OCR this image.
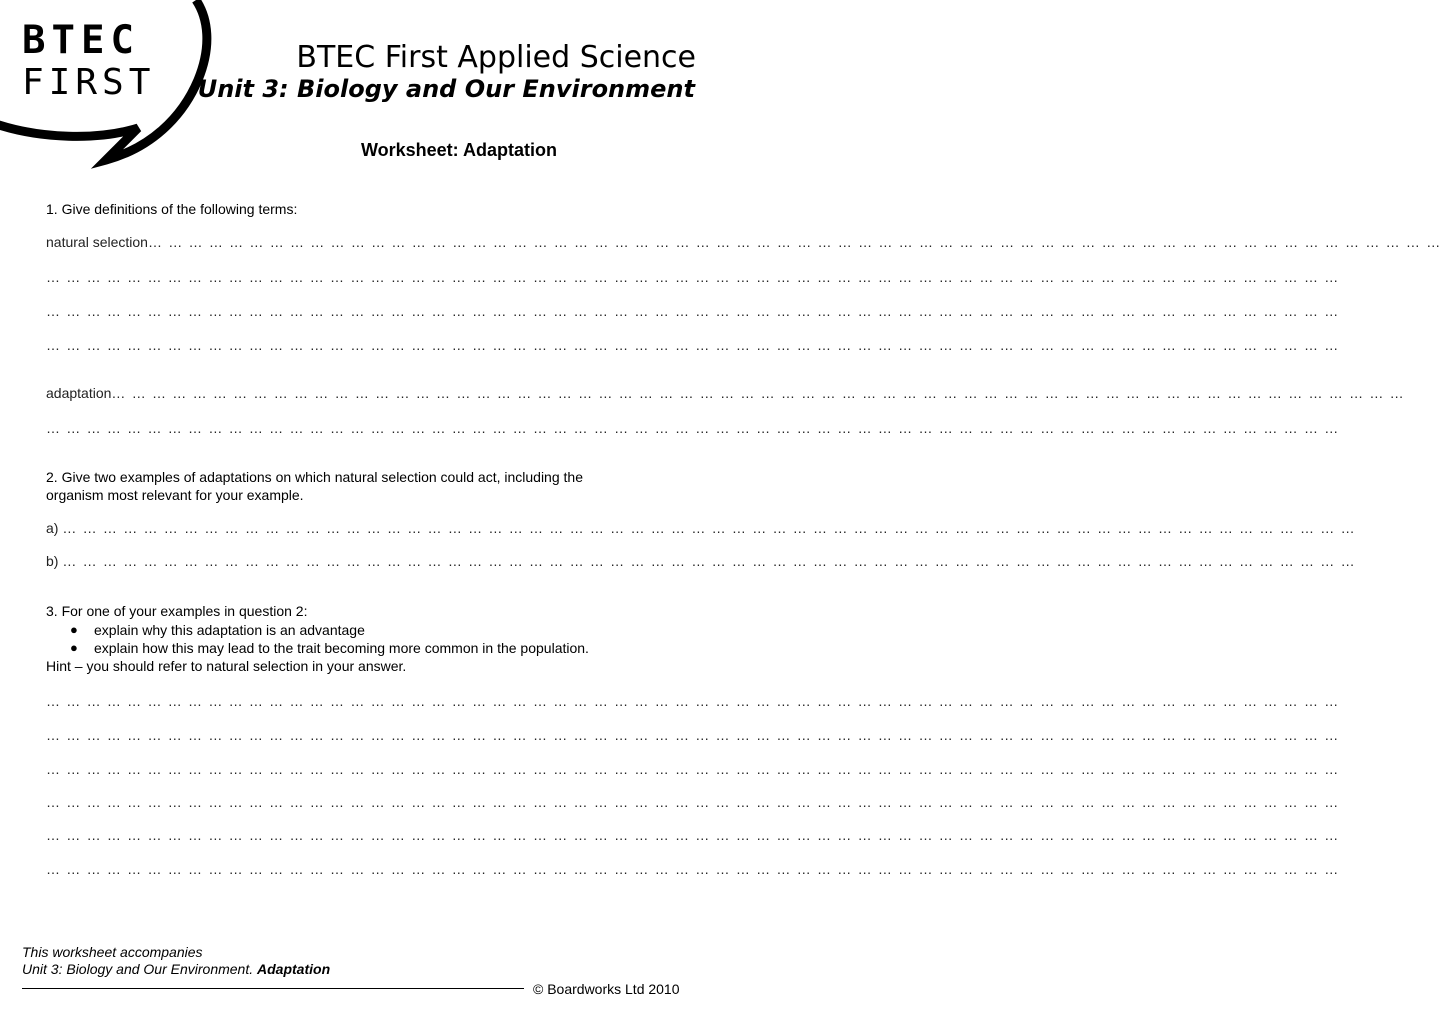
BTEC
FIRST
BTEC First Applied Science
Unit 3: Biology and Our Environment
Worksheet: Adaptation
1. Give definitions of the following terms:
natural selection… … … … … … … … … … … … … … … … … … … … … … … … … … … … … … … … … … … … … … … … … … … … … … … … … … … … … … … … … … … … … … … …
… … … … … … … … … … … … … … … … … … … … … … … … … … … … … … … … … … … … … … … … … … … … … … … … … … … … … … … … … … … … … … … …
… … … … … … … … … … … … … … … … … … … … … … … … … … … … … … … … … … … … … … … … … … … … … … … … … … … … … … … … … … … … … … … …
… … … … … … … … … … … … … … … … … … … … … … … … … … … … … … … … … … … … … … … … … … … … … … … … … … … … … … … … … … … … … … … …
adaptation… … … … … … … … … … … … … … … … … … … … … … … … … … … … … … … … … … … … … … … … … … … … … … … … … … … … … … … … … … … … … … … …
… … … … … … … … … … … … … … … … … … … … … … … … … … … … … … … … … … … … … … … … … … … … … … … … … … … … … … … … … … … … … … … …
2. Give two examples of adaptations on which natural selection could act, including the
organism most relevant for your example.
a) … … … … … … … … … … … … … … … … … … … … … … … … … … … … … … … … … … … … … … … … … … … … … … … … … … … … … … … … … … … … … … … …
b) … … … … … … … … … … … … … … … … … … … … … … … … … … … … … … … … … … … … … … … … … … … … … … … … … … … … … … … … … … … … … … … …
3. For one of your examples in question 2:
● explain why this adaptation is an advantage
● explain how this may lead to the trait becoming more common in the population.
Hint – you should refer to natural selection in your answer.
… … … … … … … … … … … … … … … … … … … … … … … … … … … … … … … … … … … … … … … … … … … … … … … … … … … … … … … … … … … … … … … …
… … … … … … … … … … … … … … … … … … … … … … … … … … … … … … … … … … … … … … … … … … … … … … … … … … … … … … … … … … … … … … … …
… … … … … … … … … … … … … … … … … … … … … … … … … … … … … … … … … … … … … … … … … … … … … … … … … … … … … … … … … … … … … … … …
… … … … … … … … … … … … … … … … … … … … … … … … … … … … … … … … … … … … … … … … … … … … … … … … … … … … … … … … … … … … … … … …
… … … … … … … … … … … … … … … … … … … … … … … … … … … … … … … … … … … … … … … … … … … … … … … … … … … … … … … … … … … … … … … …
… … … … … … … … … … … … … … … … … … … … … … … … … … … … … … … … … … … … … … … … … … … … … … … … … … … … … … … … … … … … … … … …
This worksheet accompanies
Unit 3: Biology and Our Environment. Adaptation
© Boardworks Ltd 2010
